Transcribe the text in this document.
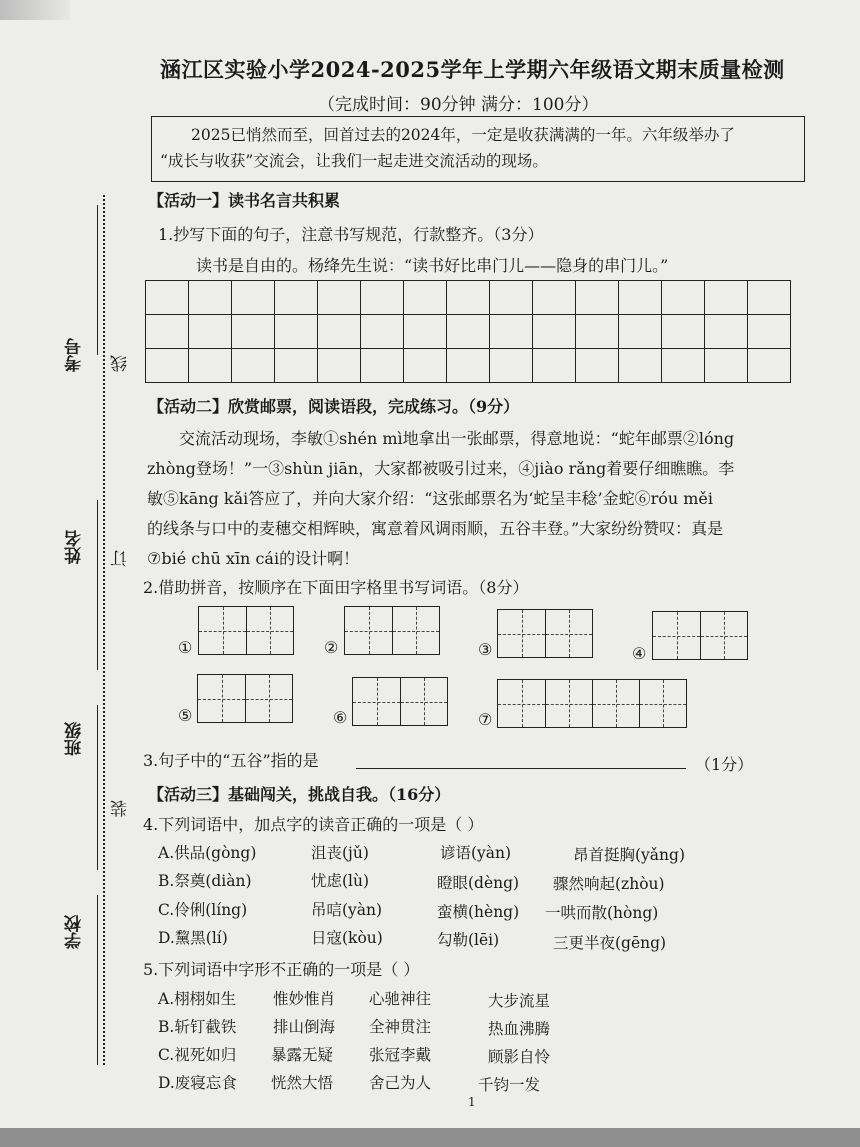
考号
姓名
班级
学校
线
订
装
涵江区实验小学2024-2025学年上学期六年级语文期末质量检测
（完成时间：90分钟 满分：100分）

2025已悄然而至，回首过去的2024年，一定是收获满满的一年。六年级举办了

“成长与收获”交流会，让我们一起走进交流活动的现场。
【活动一】读书名言共积累
1.抄写下面的句子，注意书写规范，行款整齐。（3分）
读书是自由的。杨绛先生说：“读书好比串门儿——隐身的串门儿。”

【活动二】欣赏邮票，阅读语段，完成练习。（9分）

交流活动现场，李敏①shén mì地拿出一张邮票，得意地说：“蛇年邮票②lóng

zhòng登场！”一③shùn jiān，大家都被吸引过来，④jiào rǎng着要仔细瞧瞧。李

敏⑤kāng kǎi答应了，并向大家介绍：“这张邮票名为‘蛇呈丰稔’金蛇⑥róu měi

的线条与口中的麦穗交相辉映，寓意着风调雨顺，五谷丰登。”大家纷纷赞叹：真是

⑦bié chū xīn cái的设计啊！

2.借助拼音，按顺序在下面田字格里书写词语。（8分）
①	②	③	④
⑤	⑥	⑦
3.句子中的“五谷”指的是	（1分）
【活动三】基础闯关，挑战自我。（16分）
4.下列词语中，加点字的读音正确的一项是（ ）
A.供品(gòng)	沮丧(jǔ)	谚语(yàn)	昂首挺胸(yǎng)
B.祭奠(diàn)	忧虑(lù)	瞪眼(dèng) 骤然响起(zhòu)
C.伶俐(líng)	吊唁(yàn)	蛮横(hèng) 一哄而散(hòng)
D.黧黑(lí)	日寇(kòu)	勾勒(lēi)	三更半夜(gēng)
5.下列词语中字形不正确的一项是（ ）
A.栩栩如生 惟妙惟肖 心驰神往	大步流星
B.斩钉截铁 排山倒海 全神贯注	热血沸腾
C.视死如归 暴露无疑 张冠李戴	顾影自怜
D.废寝忘食 恍然大悟 舍己为人	千钧一发
1
